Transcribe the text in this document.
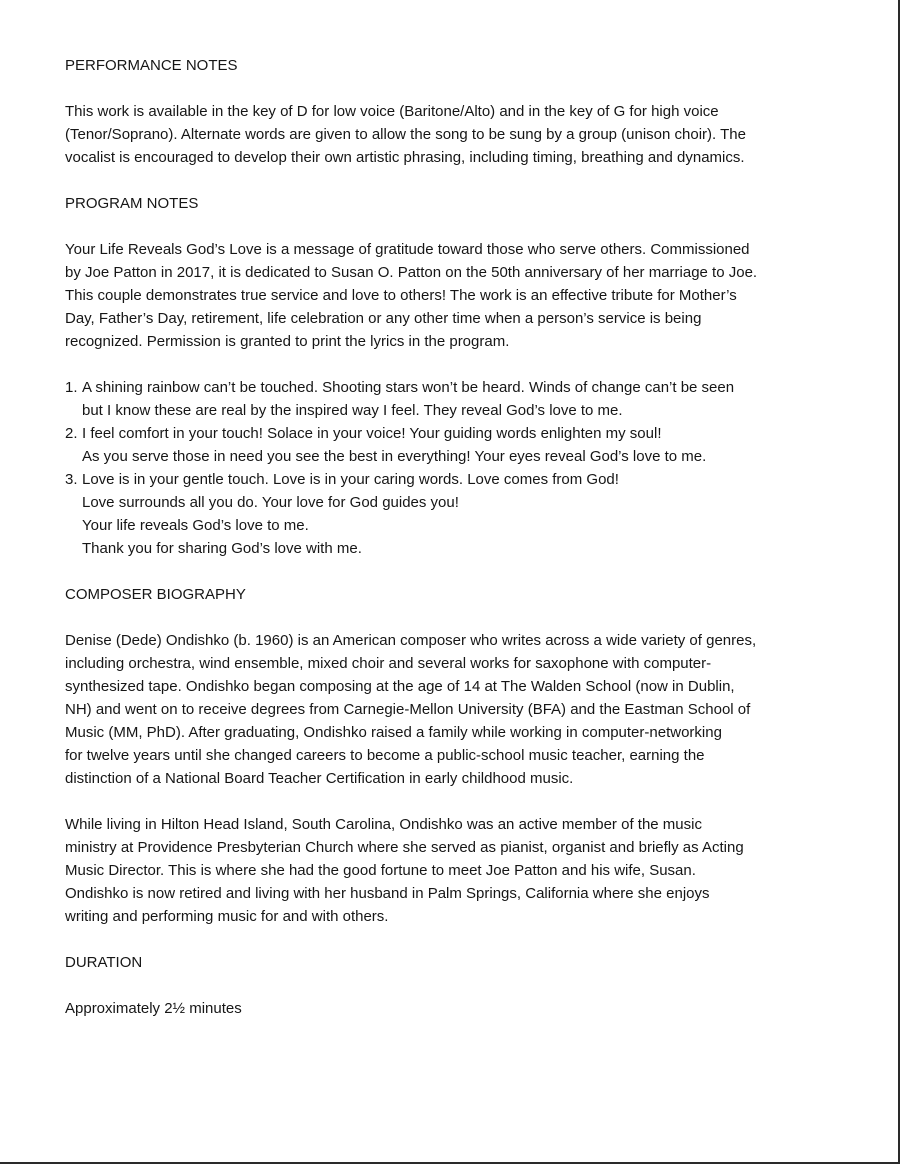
PERFORMANCE NOTES

This work is available in the key of D for low voice (Baritone/Alto) and in the key of G for high voice
(Tenor/Soprano). Alternate words are given to allow the song to be sung by a group (unison choir). The
vocalist is encouraged to develop their own artistic phrasing, including timing, breathing and dynamics.

PROGRAM NOTES

Your Life Reveals God’s Love is a message of gratitude toward those who serve others. Commissioned
by Joe Patton in 2017, it is dedicated to Susan O. Patton on the 50th anniversary of her marriage to Joe.
This couple demonstrates true service and love to others! The work is an effective tribute for Mother’s
Day, Father’s Day, retirement, life celebration or any other time when a person’s service is being
recognized. Permission is granted to print the lyrics in the program.

1. A shining rainbow can’t be touched. Shooting stars won’t be heard. Winds of change can’t be seen
but I know these are real by the inspired way I feel. They reveal God’s love to me.
2. I feel comfort in your touch! Solace in your voice! Your guiding words enlighten my soul!
As you serve those in need you see the best in everything! Your eyes reveal God’s love to me.
3. Love is in your gentle touch. Love is in your caring words. Love comes from God!
Love surrounds all you do. Your love for God guides you!
Your life reveals God’s love to me.
Thank you for sharing God’s love with me.
COMPOSER BIOGRAPHY

Denise (Dede) Ondishko (b. 1960) is an American composer who writes across a wide variety of genres,
including orchestra, wind ensemble, mixed choir and several works for saxophone with computer-
synthesized tape. Ondishko began composing at the age of 14 at The Walden School (now in Dublin,
NH) and went on to receive degrees from Carnegie-Mellon University (BFA) and the Eastman School of
Music (MM, PhD). After graduating, Ondishko raised a family while working in computer-networking
for twelve years until she changed careers to become a public-school music teacher, earning the
distinction of a National Board Teacher Certification in early childhood music.

While living in Hilton Head Island, South Carolina, Ondishko was an active member of the music
ministry at Providence Presbyterian Church where she served as pianist, organist and briefly as Acting
Music Director. This is where she had the good fortune to meet Joe Patton and his wife, Susan.
Ondishko is now retired and living with her husband in Palm Springs, California where she enjoys
writing and performing music for and with others.

DURATION

Approximately 2½ minutes
